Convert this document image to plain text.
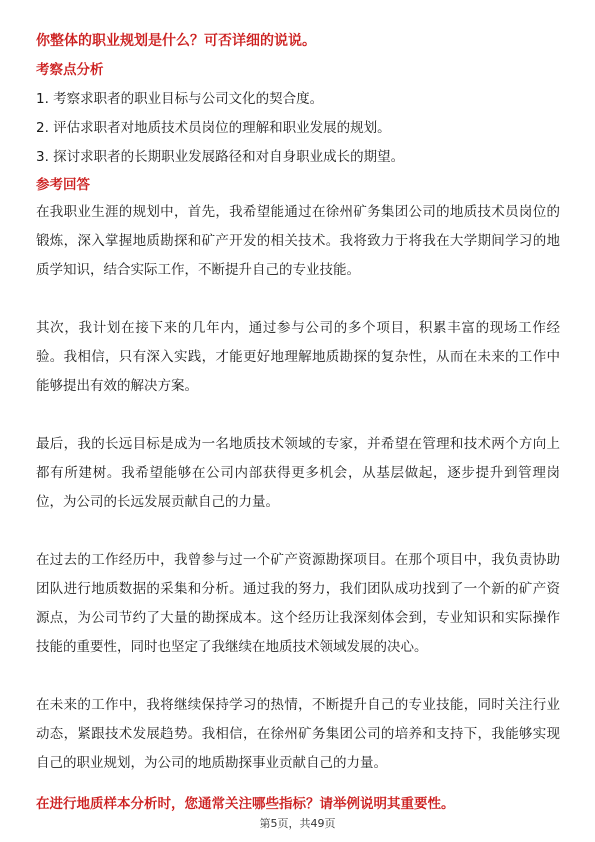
你整体的职业规划是什么？可否详细的说说。
考察点分析
1. 考察求职者的职业目标与公司文化的契合度。
2. 评估求职者对地质技术员岗位的理解和职业发展的规划。
3. 探讨求职者的长期职业发展路径和对自身职业成长的期望。
参考回答

在我职业生涯的规划中，首先，我希望能通过在徐州矿务集团公司的地质技术员岗位的锻炼，深入掌握地质勘探和矿产开发的相关技术。我将致力于将我在大学期间学习的地质学知识，结合实际工作，不断提升自己的专业技能。

其次，我计划在接下来的几年内，通过参与公司的多个项目，积累丰富的现场工作经验。我相信，只有深入实践，才能更好地理解地质勘探的复杂性，从而在未来的工作中能够提出有效的解决方案。

最后，我的长远目标是成为一名地质技术领域的专家，并希望在管理和技术两个方向上都有所建树。我希望能够在公司内部获得更多机会，从基层做起，逐步提升到管理岗位，为公司的长远发展贡献自己的力量。

在过去的工作经历中，我曾参与过一个矿产资源勘探项目。在那个项目中，我负责协助团队进行地质数据的采集和分析。通过我的努力，我们团队成功找到了一个新的矿产资源点，为公司节约了大量的勘探成本。这个经历让我深刻体会到，专业知识和实际操作技能的重要性，同时也坚定了我继续在地质技术领域发展的决心。

在未来的工作中，我将继续保持学习的热情，不断提升自己的专业技能，同时关注行业动态，紧跟技术发展趋势。我相信，在徐州矿务集团公司的培养和支持下，我能够实现自己的职业规划，为公司的地质勘探事业贡献自己的力量。

在进行地质样本分析时，您通常关注哪些指标？请举例说明其重要性。
第5页，共49页
